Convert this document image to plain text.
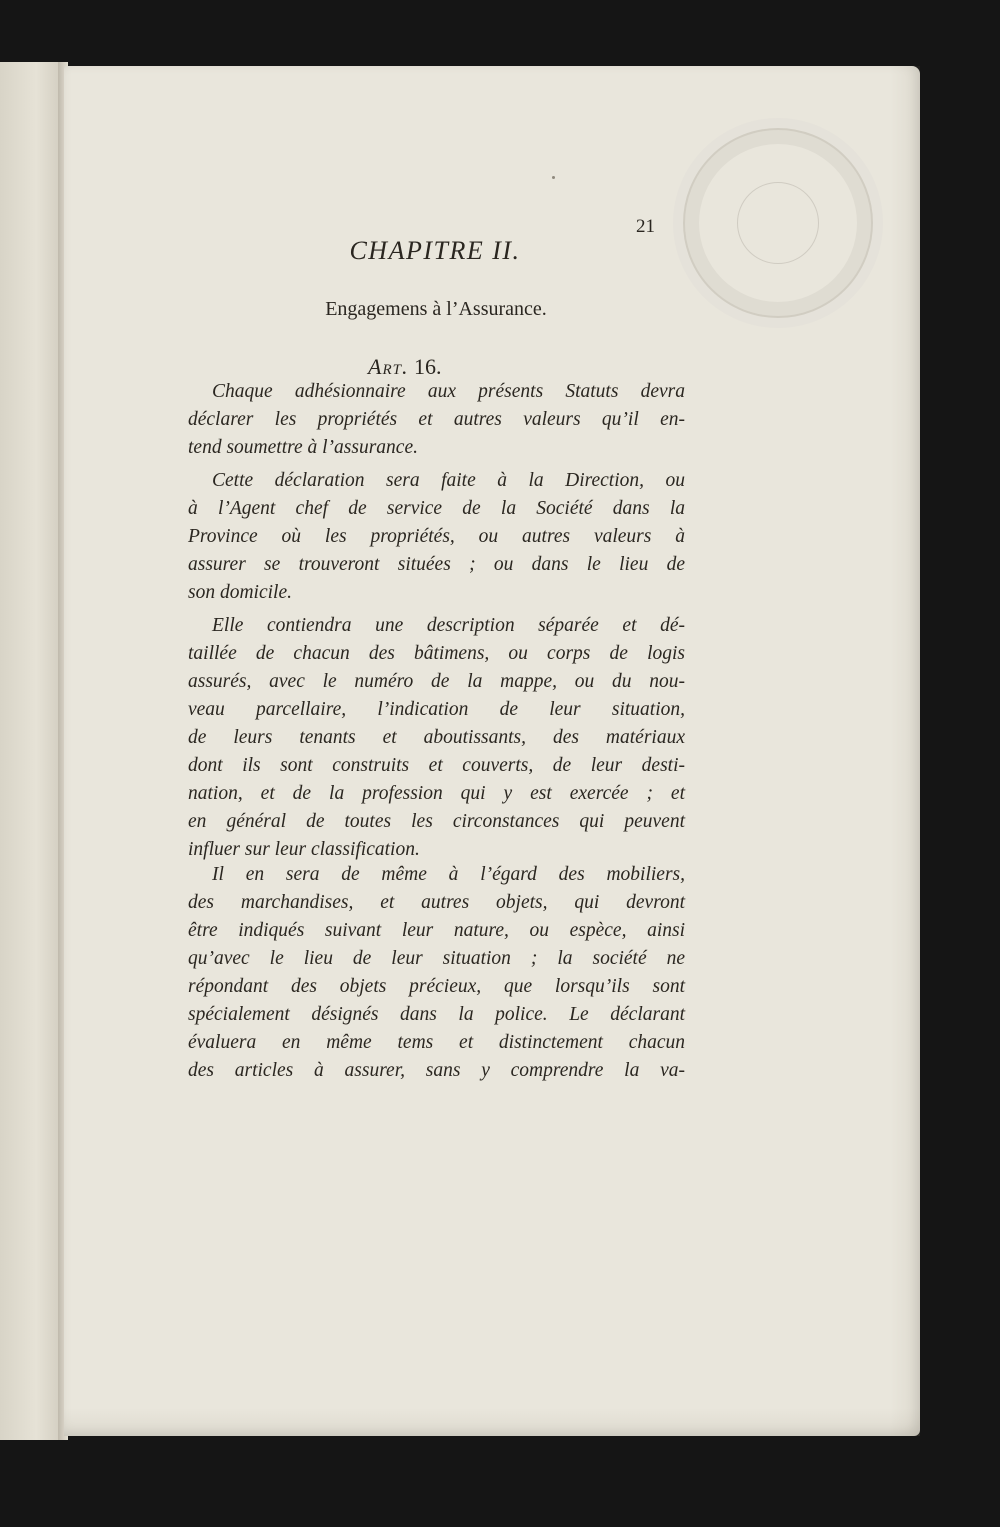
21
CHAPITRE II.
Engagemens à l’Assurance.
Art. 16.
Chaque adhésionnaire aux présents Statuts devra
déclarer les propriétés et autres valeurs qu’il en-
tend soumettre à l’assurance.
Cette déclaration sera faite à la Direction, ou
à l’Agent chef de service de la Société dans la
Province où les propriétés, ou autres valeurs à
assurer se trouveront situées ; ou dans le lieu de
son domicile.
Elle contiendra une description séparée et dé-
taillée de chacun des bâtimens, ou corps de logis
assurés, avec le numéro de la mappe, ou du nou-
veau parcellaire, l’indication de leur situation,
de leurs tenants et aboutissants, des matériaux
dont ils sont construits et couverts, de leur desti-
nation, et de la profession qui y est exercée ; et
en général de toutes les circonstances qui peuvent
influer sur leur classification.
Il en sera de même à l’égard des mobiliers,
des marchandises, et autres objets, qui devront
être indiqués suivant leur nature, ou espèce, ainsi
qu’avec le lieu de leur situation ; la société ne
répondant des objets précieux, que lorsqu’ils sont
spécialement désignés dans la police. Le déclarant
évaluera en même tems et distinctement chacun
des articles à assurer, sans y comprendre la va-
